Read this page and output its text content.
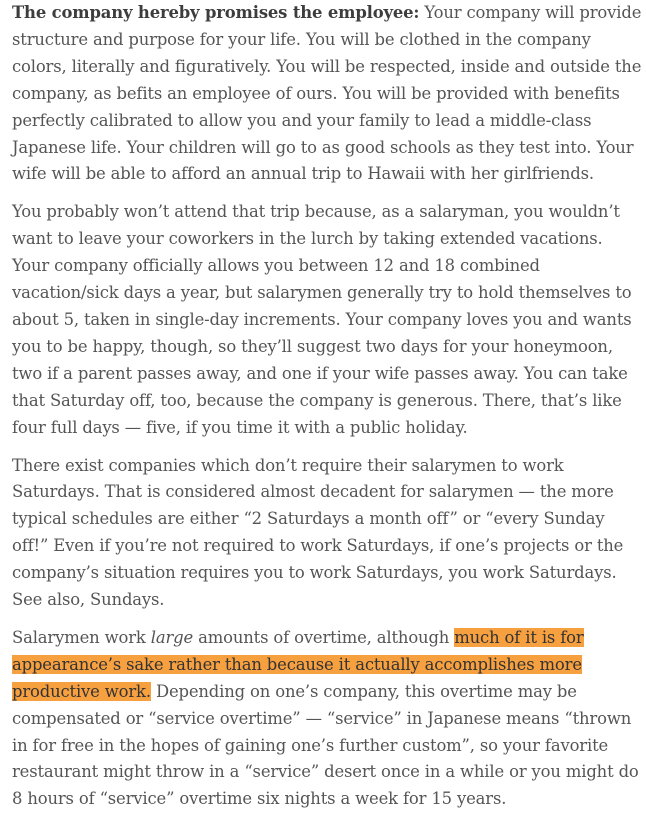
The company hereby promises the employee: Your company will provide structure and purpose for your life. You will be clothed in the company colors, literally and figuratively. You will be respected, inside and outside the company, as befits an employee of ours. You will be provided with benefits perfectly calibrated to allow you and your family to lead a middle-class Japanese life. Your children will go to as good schools as they test into. Your wife will be able to afford an annual trip to Hawaii with her girlfriends.

You probably won’t attend that trip because, as a salaryman, you wouldn’t want to leave your coworkers in the lurch by taking extended vacations. Your company officially allows you between 12 and 18 combined vacation/sick days a year, but salarymen generally try to hold themselves to about 5, taken in single-day increments. Your company loves you and wants you to be happy, though, so they’ll suggest two days for your honeymoon, two if a parent passes away, and one if your wife passes away. You can take that Saturday off, too, because the company is generous. There, that’s like four full days — five, if you time it with a public holiday.

There exist companies which don’t require their salarymen to work Saturdays. That is considered almost decadent for salarymen — the more typical schedules are either “2 Saturdays a month off” or “every Sunday off!” Even if you’re not required to work Saturdays, if one’s projects or the company’s situation requires you to work Saturdays, you work Saturdays. See also, Sundays.

Salarymen work large amounts of overtime, although much of it is for appearance’s sake rather than because it actually accomplishes more productive work. Depending on one’s company, this overtime may be compensated or “service overtime” — “service” in Japanese means “thrown in for free in the hopes of gaining one’s further custom”, so your favorite restaurant might throw in a “service” desert once in a while or you might do 8 hours of “service” overtime six nights a week for 15 years.
